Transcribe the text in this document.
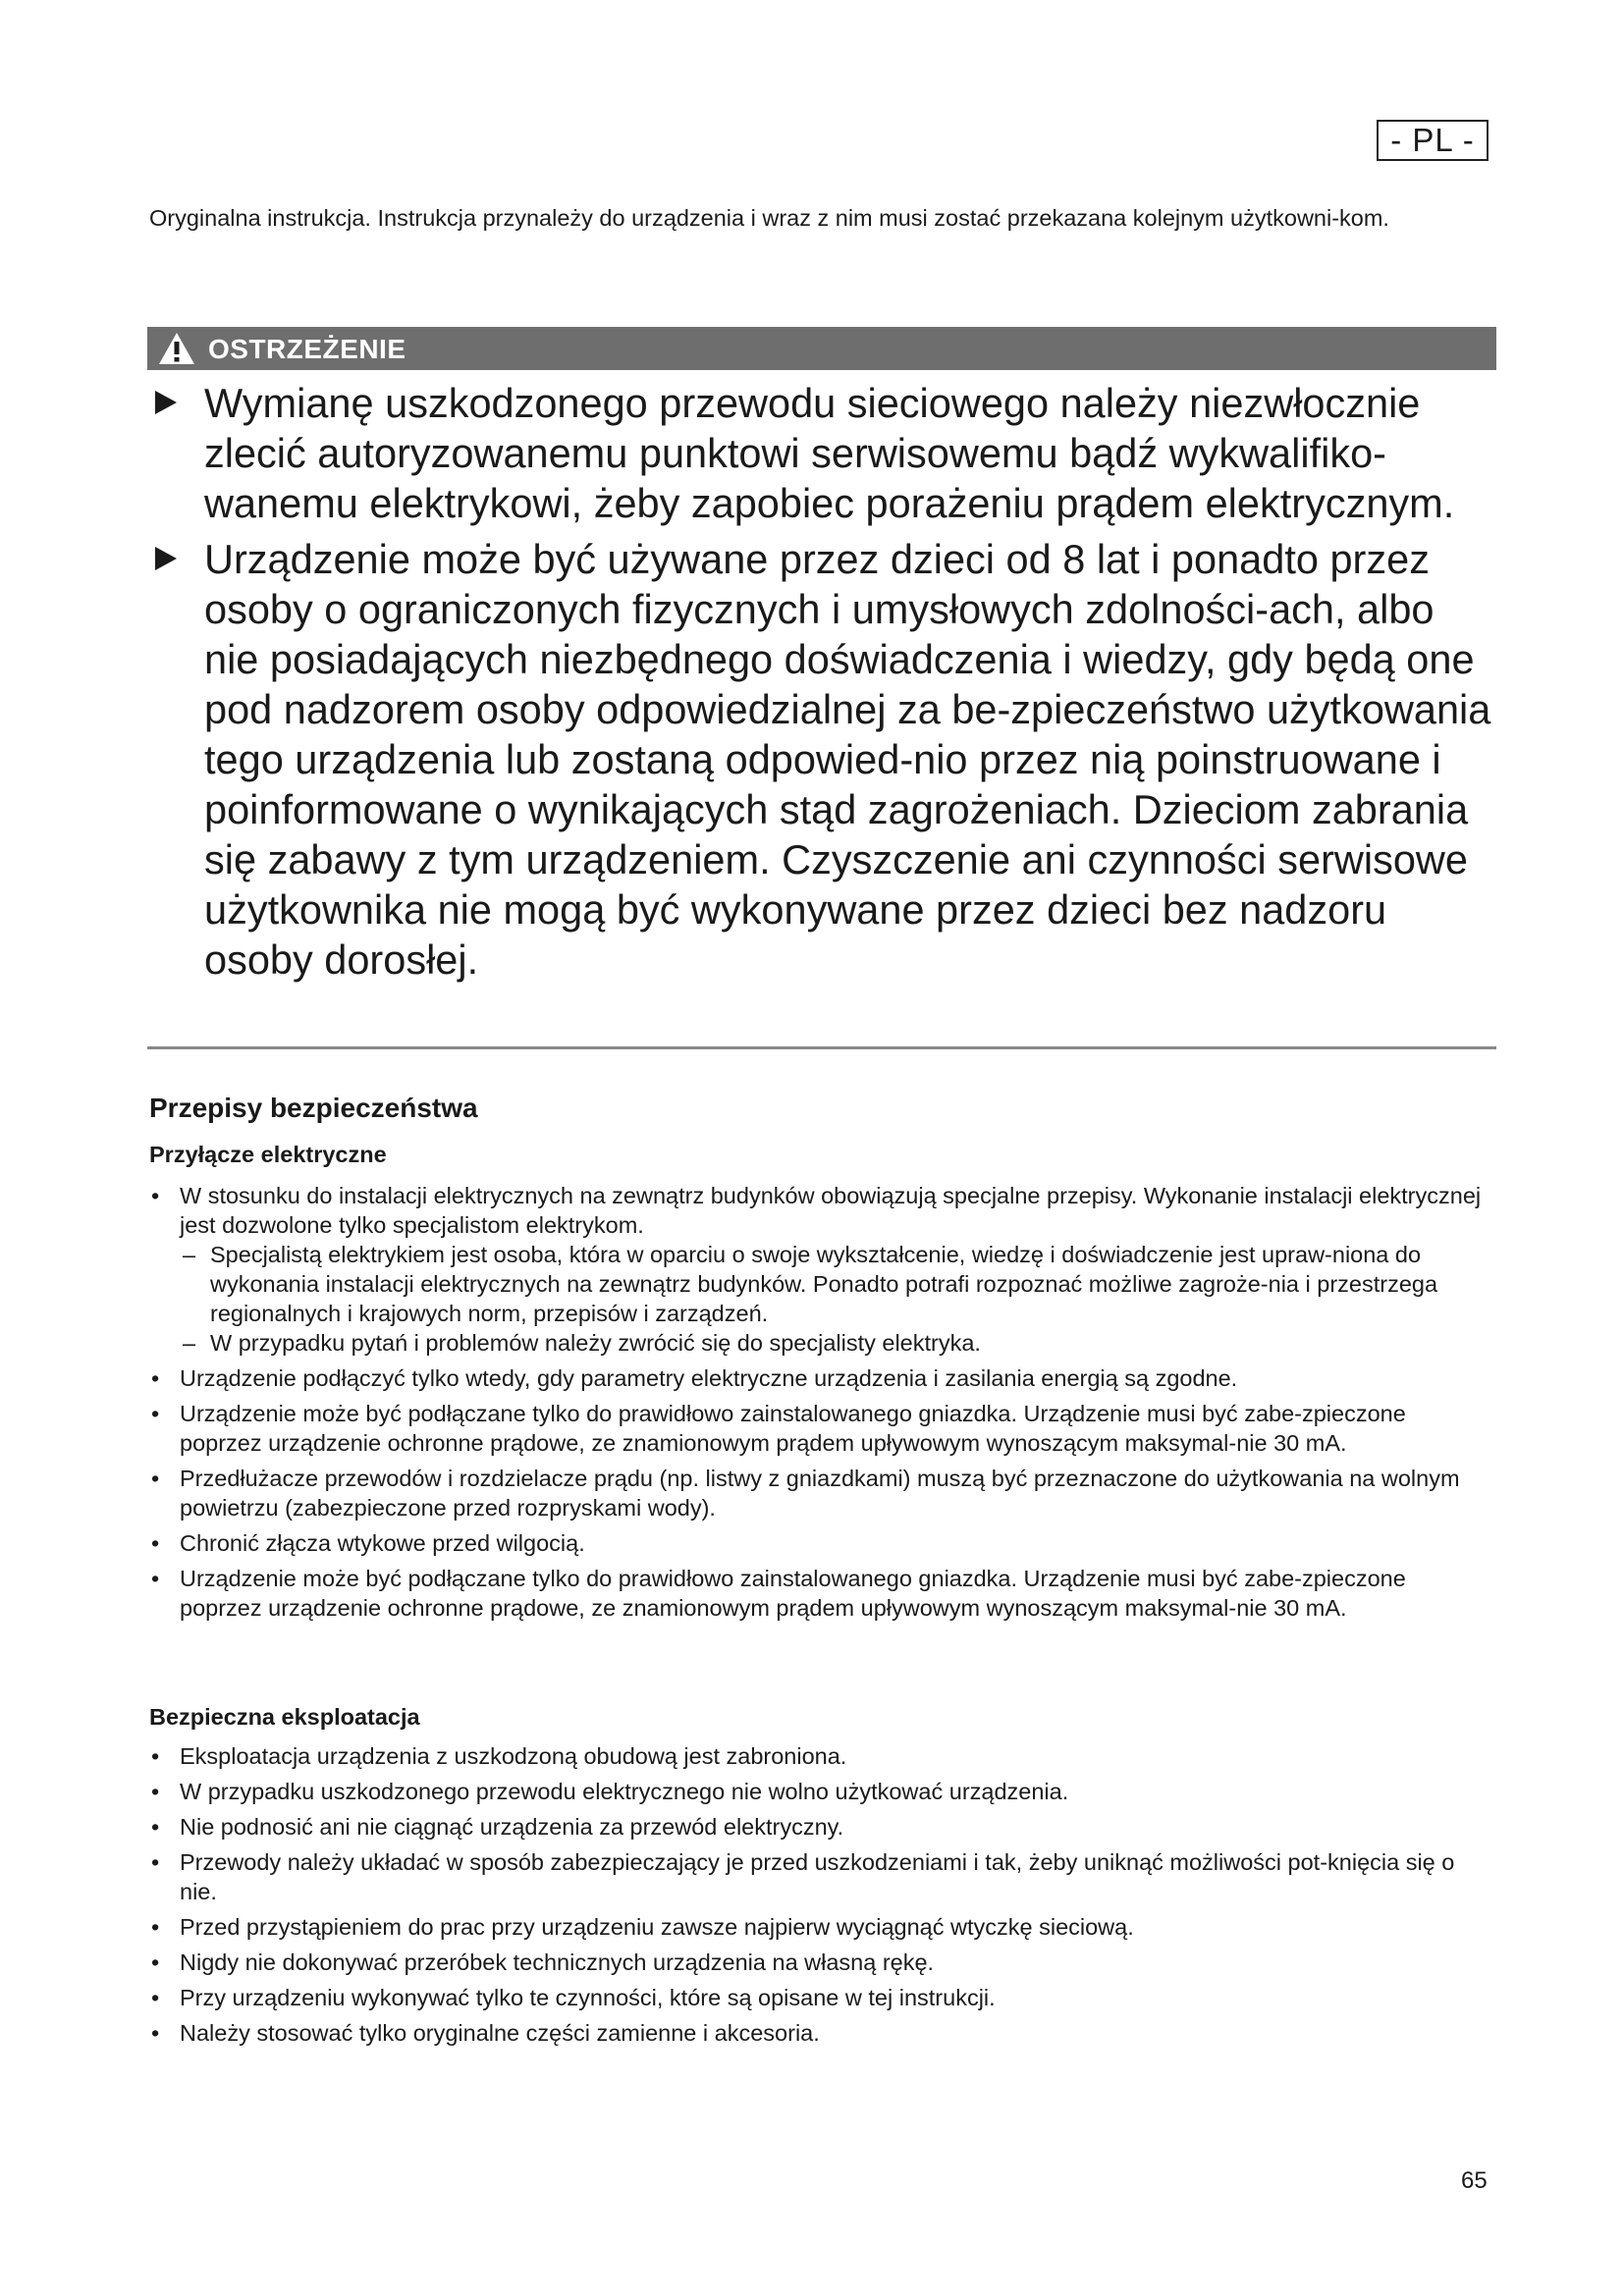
- PL -
Oryginalna instrukcja. Instrukcja przynależy do urządzenia i wraz z nim musi zostać przekazana kolejnym użytkowni-kom.
OSTRZEŻENIE
Wymianę uszkodzonego przewodu sieciowego należy niezwłocznie zlecić autoryzowanemu punktowi serwisowemu bądź wykwalifiko-wanemu elektrykowi, żeby zapobiec porażeniu prądem elektrycznym.
Urządzenie może być używane przez dzieci od 8 lat i ponadto przez osoby o ograniczonych fizycznych i umysłowych zdolności-ach, albo nie posiadających niezbędnego doświadczenia i wiedzy, gdy będą one pod nadzorem osoby odpowiedzialnej za be-zpieczeństwo użytkowania tego urządzenia lub zostaną odpowied-nio przez nią poinstruowane i poinformowane o wynikających stąd zagrożeniach. Dzieciom zabrania się zabawy z tym urządzeniem. Czyszczenie ani czynności serwisowe użytkownika nie mogą być wykonywane przez dzieci bez nadzoru osoby dorosłej.
Przepisy bezpieczeństwa
Przyłącze elektryczne
• W stosunku do instalacji elektrycznych na zewnątrz budynków obowiązują specjalne przepisy. Wykonanie instalacji elektrycznej jest dozwolone tylko specjalistom elektrykom.
– Specjalistą elektrykiem jest osoba, która w oparciu o swoje wykształcenie, wiedzę i doświadczenie jest upraw-niona do wykonania instalacji elektrycznych na zewnątrz budynków. Ponadto potrafi rozpoznać możliwe zagroże-nia i przestrzega regionalnych i krajowych norm, przepisów i zarządzeń.
– W przypadku pytań i problemów należy zwrócić się do specjalisty elektryka.
• Urządzenie podłączyć tylko wtedy, gdy parametry elektryczne urządzenia i zasilania energią są zgodne.
• Urządzenie może być podłączane tylko do prawidłowo zainstalowanego gniazdka. Urządzenie musi być zabe-zpieczone poprzez urządzenie ochronne prądowe, ze znamionowym prądem upływowym wynoszącym maksymal-nie 30 mA.
• Przedłużacze przewodów i rozdzielacze prądu (np. listwy z gniazdkami) muszą być przeznaczone do użytkowania na wolnym powietrzu (zabezpieczone przed rozpryskami wody).
• Chronić złącza wtykowe przed wilgocią.
• Urządzenie może być podłączane tylko do prawidłowo zainstalowanego gniazdka. Urządzenie musi być zabe-zpieczone poprzez urządzenie ochronne prądowe, ze znamionowym prądem upływowym wynoszącym maksymal-nie 30 mA.
Bezpieczna eksploatacja
• Eksploatacja urządzenia z uszkodzoną obudową jest zabroniona.
• W przypadku uszkodzonego przewodu elektrycznego nie wolno użytkować urządzenia.
• Nie podnosić ani nie ciągnąć urządzenia za przewód elektryczny.
• Przewody należy układać w sposób zabezpieczający je przed uszkodzeniami i tak, żeby uniknąć możliwości pot-knięcia się o nie.
• Przed przystąpieniem do prac przy urządzeniu zawsze najpierw wyciągnąć wtyczkę sieciową.
• Nigdy nie dokonywać przeróbek technicznych urządzenia na własną rękę.
• Przy urządzeniu wykonywać tylko te czynności, które są opisane w tej instrukcji.
• Należy stosować tylko oryginalne części zamienne i akcesoria.
65
